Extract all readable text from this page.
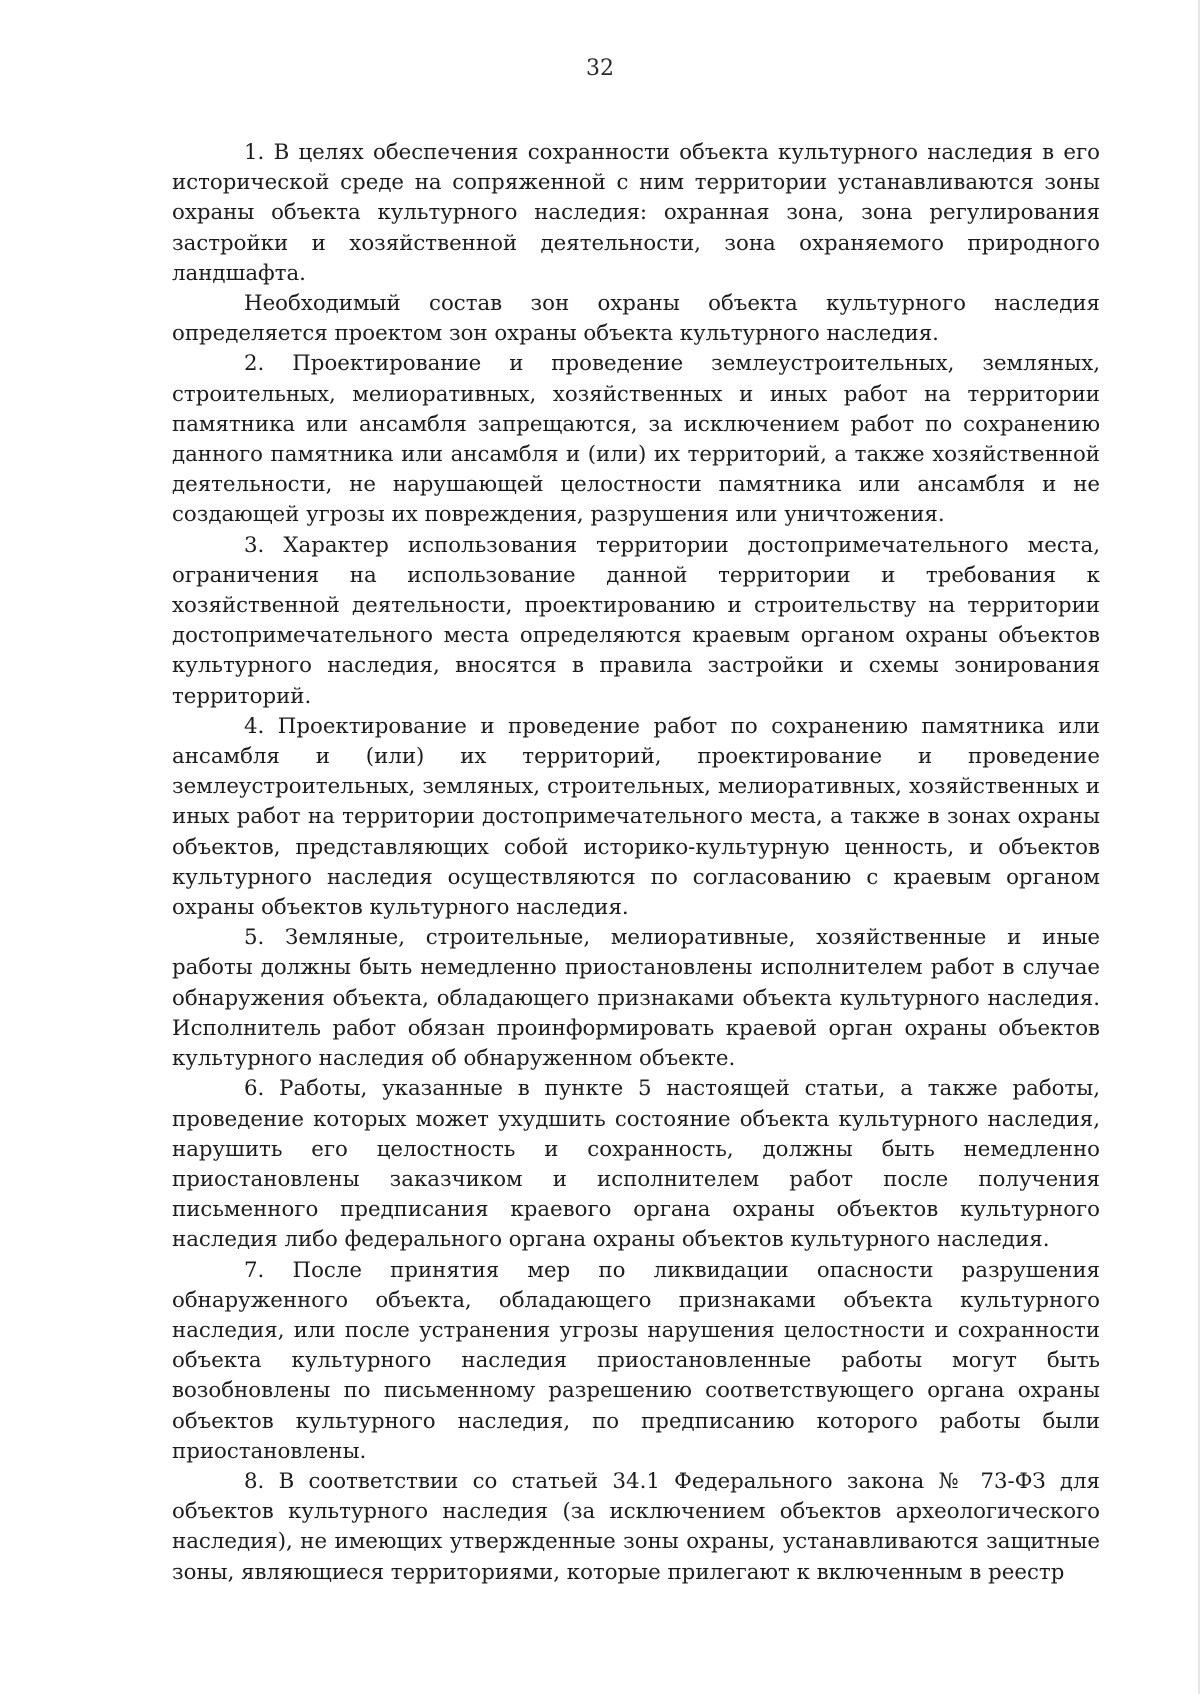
32

1. В целях обеспечения сохранности объекта культурного наследия в его исторической среде на сопряженной с ним территории устанавливаются зоны охраны объекта культурного наследия: охранная зона, зона регулирования застройки и хозяйственной деятельности, зона охраняемого природного ландшафта.

Необходимый состав зон охраны объекта культурного наследия определяется проектом зон охраны объекта культурного наследия.

2. Проектирование и проведение землеустроительных, земляных, строительных, мелиоративных, хозяйственных и иных работ на территории памятника или ансамбля запрещаются, за исключением работ по сохранению данного памятника или ансамбля и (или) их территорий, а также хозяйственной деятельности, не нарушающей целостности памятника или ансамбля и не создающей угрозы их повреждения, разрушения или уничтожения.

3. Характер использования территории достопримечательного места, ограничения на использование данной территории и требования к хозяйственной деятельности, проектированию и строительству на территории достопримечательного места определяются краевым органом охраны объектов культурного наследия, вносятся в правила застройки и схемы зонирования территорий.

4. Проектирование и проведение работ по сохранению памятника или ансамбля и (или) их территорий, проектирование и проведение землеустроительных, земляных, строительных, мелиоративных, хозяйственных и иных работ на территории достопримечательного места, а также в зонах охраны объектов, представляющих собой историко-культурную ценность, и объектов культурного наследия осуществляются по согласованию с краевым органом охраны объектов культурного наследия.

5. Земляные, строительные, мелиоративные, хозяйственные и иные работы должны быть немедленно приостановлены исполнителем работ в случае обнаружения объекта, обладающего признаками объекта культурного наследия. Исполнитель работ обязан проинформировать краевой орган охраны объектов культурного наследия об обнаруженном объекте.

6. Работы, указанные в пункте 5 настоящей статьи, а также работы, проведение которых может ухудшить состояние объекта культурного наследия, нарушить его целостность и сохранность, должны быть немедленно приостановлены заказчиком и исполнителем работ после получения письменного предписания краевого органа охраны объектов культурного наследия либо федерального органа охраны объектов культурного наследия.

7. После принятия мер по ликвидации опасности разрушения обнаруженного объекта, обладающего признаками объекта культурного наследия, или после устранения угрозы нарушения целостности и сохранности объекта культурного наследия приостановленные работы могут быть возобновлены по письменному разрешению соответствующего органа охраны объектов культурного наследия, по предписанию которого работы были приостановлены.

8. В соответствии со статьей 34.1 Федерального закона № 73-ФЗ для объектов культурного наследия (за исключением объектов археологического наследия), не имеющих утвержденные зоны охраны, устанавливаются защитные зоны, являющиеся территориями, которые прилегают к включенным в реестр
